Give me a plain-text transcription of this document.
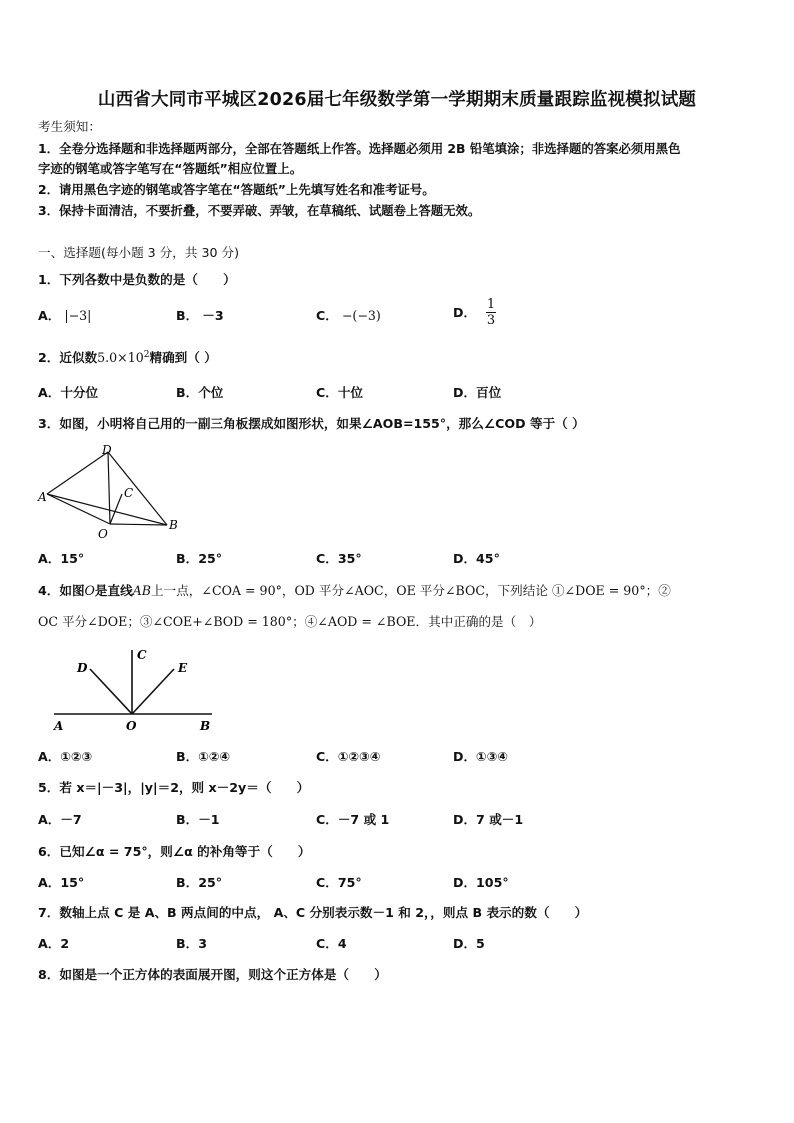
山西省大同市平城区2026届七年级数学第一学期期末质量跟踪监视模拟试题
考生须知：
1．全卷分选择题和非选择题两部分，全部在答题纸上作答。选择题必须用 2B 铅笔填涂；非选择题的答案必须用黑色
字迹的钢笔或答字笔写在“答题纸”相应位置上。
2．请用黑色字迹的钢笔或答字笔在“答题纸”上先填写姓名和准考证号。
3．保持卡面清洁，不要折叠，不要弄破、弄皱，在草稿纸、试题卷上答题无效。
一、选择题(每小题 3 分，共 30 分)
1．下列各数中是负数的是（　　）
A． |−3|	B． －3	C． −(−3)	D． $\frac{1}{3}$
2．近似数$5.0\times 10^2$精确到（ ）
A．十分位	B．个位	C．十位	D．百位
3．如图，小明将自己用的一副三角板摆成如图形状，如果∠AOB=155°，那么∠COD 等于（ ）
D
A	C
O
B
A．15°	B．25°	C．35°	D．45°
4．如图O是直线AB上一点，∠COA = 90°，OD 平分∠AOC，OE 平分∠BOC，下列结论 ①∠DOE = 90°；②
OC 平分∠DOE；③∠COE+∠BOD = 180°；④∠AOD = ∠BOE．其中正确的是（　）
C
D	E
A	O	B
A．①②③	B．①②④	C．①②③④	D．①③④
5．若 x＝|－3|，|y|＝2，则 x－2y＝（　　）
A．－7	B．－1	C．－7 或 1	D．7 或－1
6．已知∠α = 75°，则∠α 的补角等于（　　）
A．15°	B．25°	C．75°	D．105°
7．数轴上点 C 是 A、B 两点间的中点， A、C 分别表示数－1 和 2，，则点 B 表示的数（　　）
A．2	B．3	C．4	D．5
8．如图是一个正方体的表面展开图，则这个正方体是（　　）
